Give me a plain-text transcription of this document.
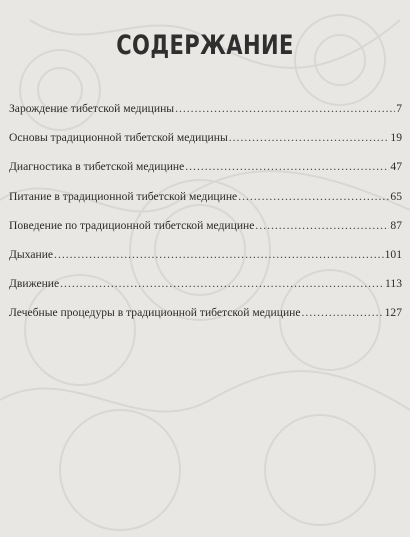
СОДЕРЖАНИЕ
Зарождение тибетской медицины .....	7
Основы традиционной тибетской медицины .....	19
Диагностика в тибетской медицине .....	47
Питание в традиционной тибетской медицине .....	65
Поведение по традиционной тибетской медицине .....	87
Дыхание .....	101
Движение .....	113
Лечебные процедуры в традиционной тибетской медицине .....	127
